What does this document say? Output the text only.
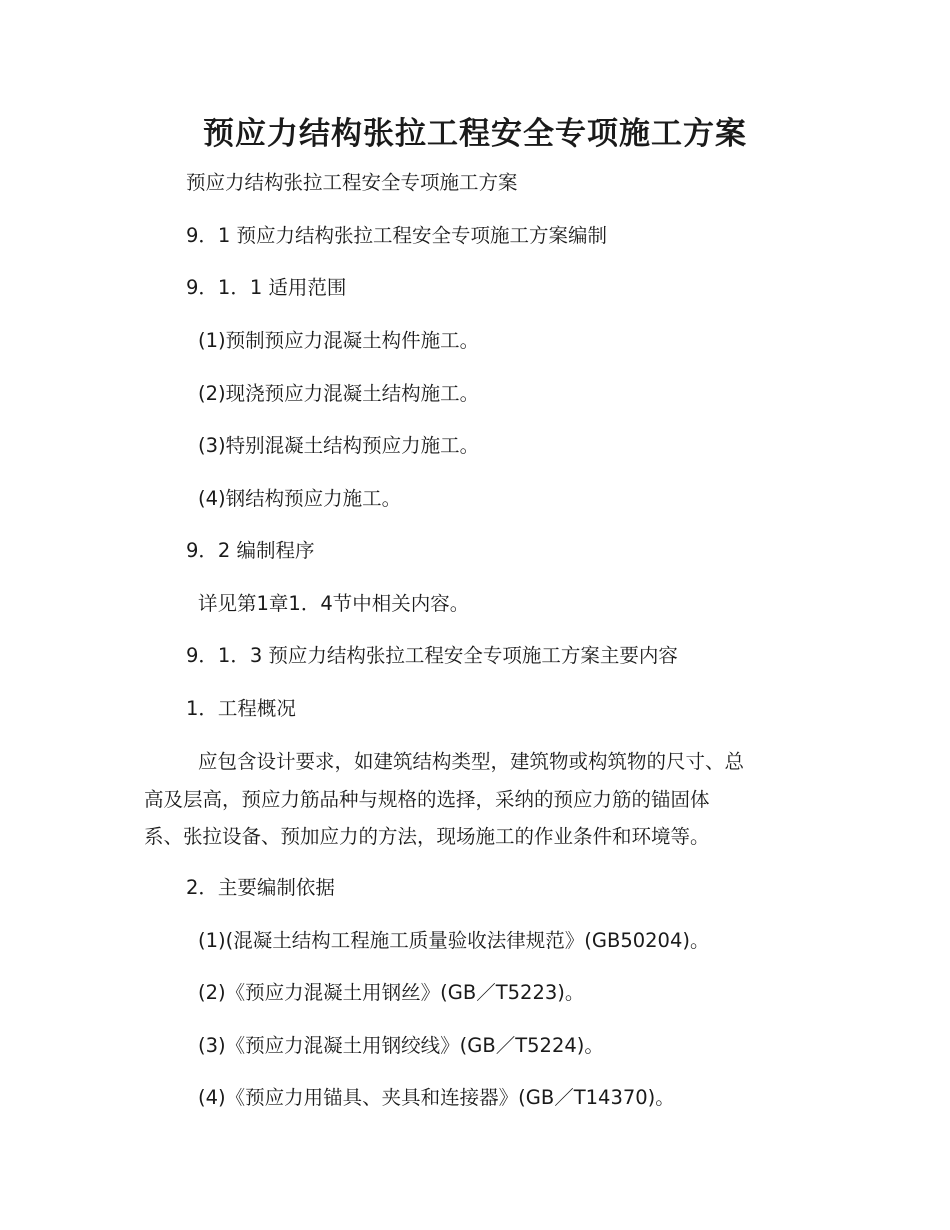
预应力结构张拉工程安全专项施工方案
预应力结构张拉工程安全专项施工方案
9．1 预应力结构张拉工程安全专项施工方案编制
9．1．1 适用范围
(1)预制预应力混凝土构件施工。
(2)现浇预应力混凝土结构施工。
(3)特别混凝土结构预应力施工。
(4)钢结构预应力施工。
9．2 编制程序
详见第1章1．4节中相关内容。
9．1．3 预应力结构张拉工程安全专项施工方案主要内容
1．工程概况
应包含设计要求，如建筑结构类型，建筑物或构筑物的尺寸、总
高及层高，预应力筋品种与规格的选择，采纳的预应力筋的锚固体
系、张拉设备、预加应力的方法，现场施工的作业条件和环境等。
2．主要编制依据
(1)(混凝土结构工程施工质量验收法律规范》(GB50204)。
(2)《预应力混凝土用钢丝》(GB／T5223)。
(3)《预应力混凝土用钢绞线》(GB／T5224)。
(4)《预应力用锚具、夹具和连接器》(GB／T14370)。
